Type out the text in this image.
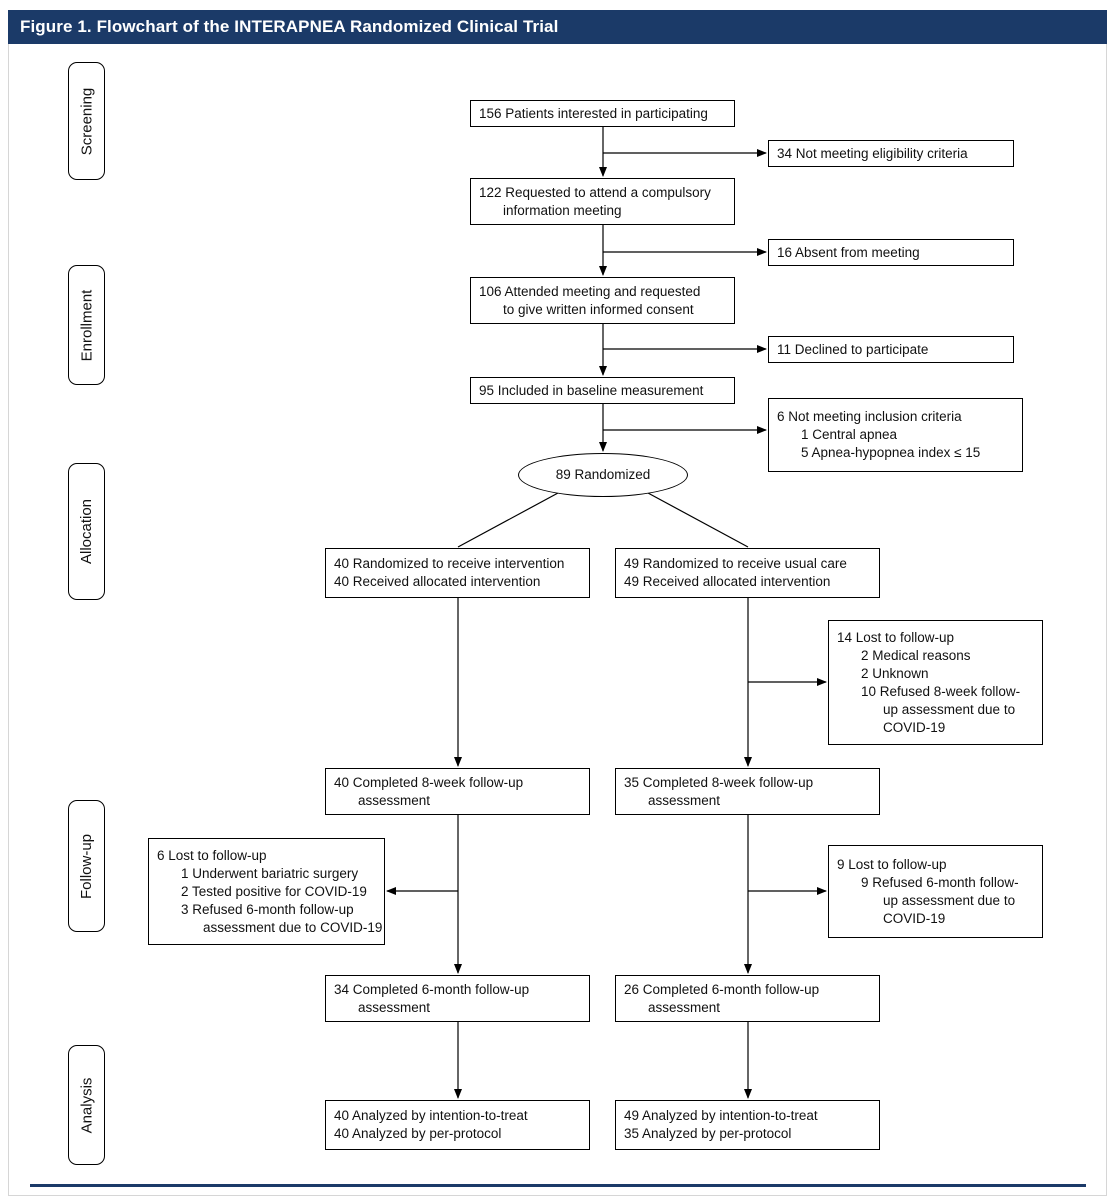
Figure 1. Flowchart of the INTERAPNEA Randomized Clinical Trial
Screening
Enrollment
Allocation
Follow-up
Analysis
156 Patients interested in participating
34 Not meeting eligibility criteria
122 Requested to attend a compulsory
information meeting
16 Absent from meeting
106 Attended meeting and requested
to give written informed consent
11 Declined to participate
95 Included in baseline measurement
6 Not meeting inclusion criteria
1 Central apnea
5 Apnea-hypopnea index ≤ 15
89 Randomized
40 Randomized to receive intervention
40 Received allocated intervention
49 Randomized to receive usual care
49 Received allocated intervention
14 Lost to follow-up
2 Medical reasons
2 Unknown
10 Refused 8-week follow-
up assessment due to
COVID-19
40 Completed 8-week follow-up
assessment
35 Completed 8-week follow-up
assessment
6 Lost to follow-up
1 Underwent bariatric surgery
2 Tested positive for COVID-19
3 Refused 6-month follow-up
assessment due to COVID-19
9 Lost to follow-up
9 Refused 6-month follow-
up assessment due to
COVID-19
34 Completed 6-month follow-up
assessment
26 Completed 6-month follow-up
assessment
40 Analyzed by intention-to-treat
40 Analyzed by per-protocol
49 Analyzed by intention-to-treat
35 Analyzed by per-protocol
